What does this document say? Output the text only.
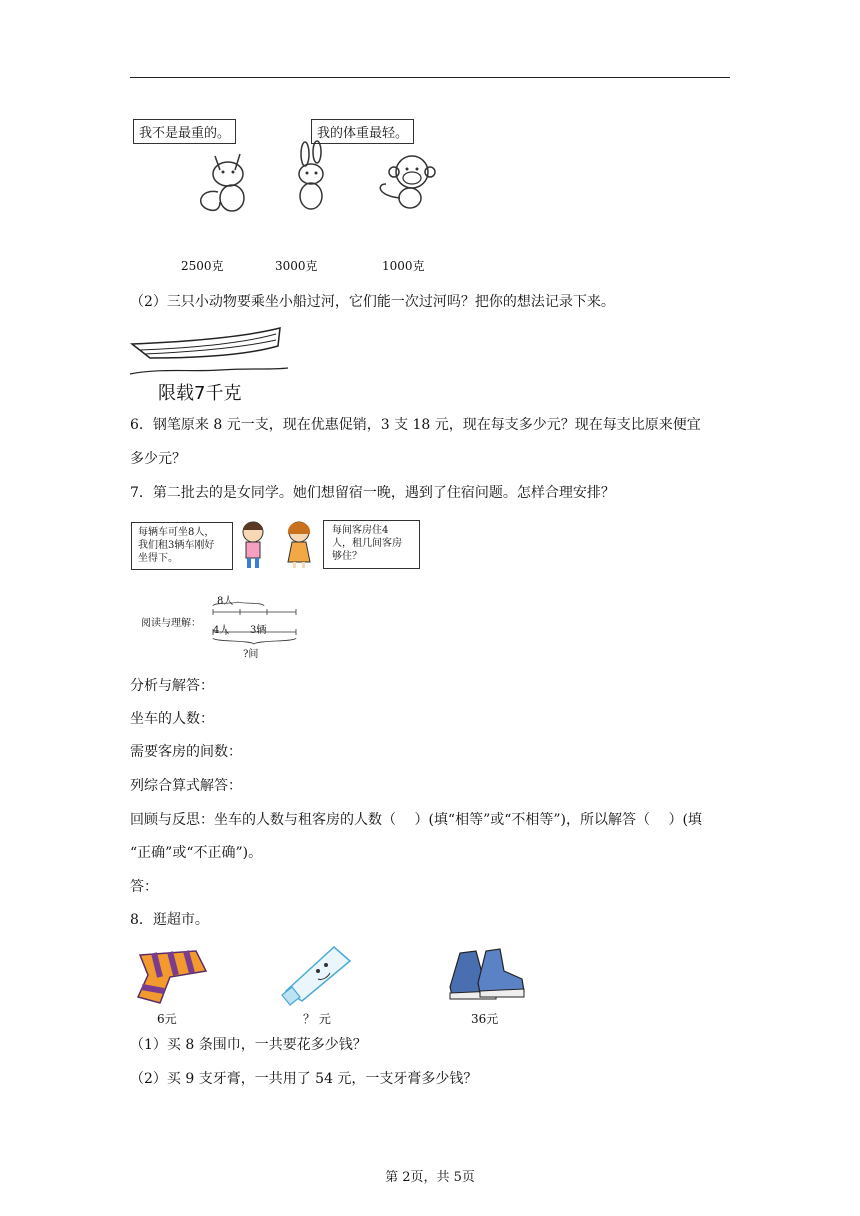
我不是最重的。	我的体重最轻。
2500克	3000克	1000克
（2）三只小动物要乘坐小船过河，它们能一次过河吗？把你的想法记录下来。
限载7千克
6．钢笔原来 8 元一支，现在优惠促销，3 支 18 元，现在每支多少元？现在每支比原来便宜
多少元？
7．第二批去的是女同学。她们想留宿一晚，遇到了住宿问题。怎样合理安排？
每辆车可坐8人，
我们租3辆车刚好
坐得下。
每间客房住4
人，租几间客房
够住？
阅读与理解：
8人
4人 3辆
?间
分析与解答：
坐车的人数：
需要客房的间数：
列综合算式解答：
回顾与反思：坐车的人数与租客房的人数（　 ）(填“相等”或“不相等”)，所以解答（　 ）(填
“正确”或“不正确”)。
答：
8．逛超市。
6元	？ 元	36元
（1）买 8 条围巾，一共要花多少钱？
（2）买 9 支牙膏，一共用了 54 元，一支牙膏多少钱？
第 2页，共 5页
